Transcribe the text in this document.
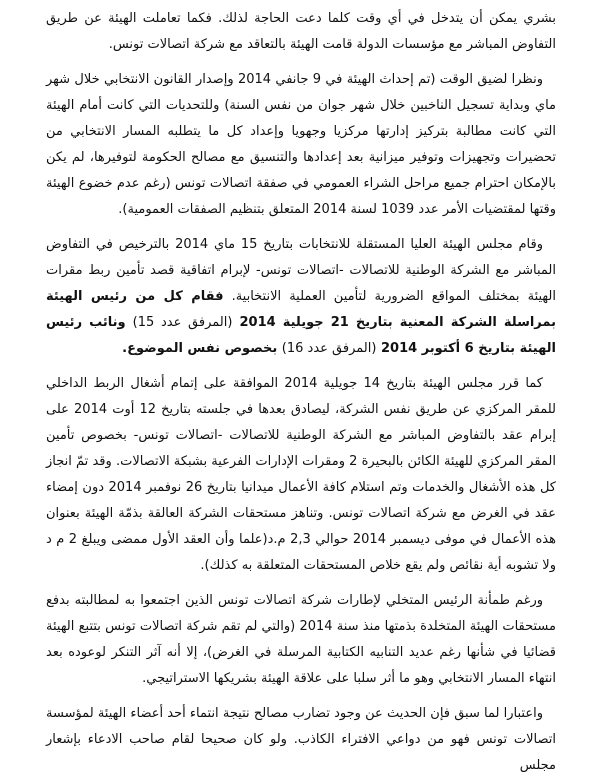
بشري يمكن أن يتدخل في أي وقت كلما دعت الحاجة لذلك. فكما تعاملت الهيئة عن طريق التفاوض المباشر مع مؤسسات الدولة قامت الهيئة بالتعاقد مع شركة اتصالات تونس.

ونظرا لضيق الوقت (تم إحداث الهيئة في 9 جانفي 2014 وإصدار القانون الانتخابي خلال شهر ماي وبداية تسجيل الناخبين خلال شهر جوان من نفس السنة) وللتحديات التي كانت أمام الهيئة التي كانت مطالبة بتركيز إدارتها مركزيا وجهويا وإعداد كل ما يتطلبه المسار الانتخابي من تحضيرات وتجهيزات وتوفير ميزانية بعد إعدادها والتنسيق مع مصالح الحكومة لتوفيرها، لم يكن بالإمكان احترام جميع مراحل الشراء العمومي في صفقة اتصالات تونس (رغم عدم خضوع الهيئة وقتها لمقتضيات الأمر عدد 1039 لسنة 2014 المتعلق بتنظيم الصفقات العمومية).

وقام مجلس الهيئة العليا المستقلة للانتخابات بتاريخ 15 ماي 2014 بالترخيص في التفاوض المباشر مع الشركة الوطنية للاتصالات -اتصالات تونس- لإبرام اتفاقية قصد تأمين ربط مقرات الهيئة بمختلف المواقع الضرورية لتأمين العملية الانتخابية. فقام كل من رئيس الهيئة بمراسلة الشركة المعنية بتاريخ 21 جويلية 2014 (المرفق عدد 15) ونائب رئيس الهيئة بتاريخ 6 أكتوبر 2014 (المرفق عدد 16) بخصوص نفس الموضوع.

كما قرر مجلس الهيئة بتاريخ 14 جويلية 2014 الموافقة على إتمام أشغال الربط الداخلي للمقر المركزي عن طريق نفس الشركة، ليصادق بعدها في جلسته بتاريخ 12 أوت 2014 على إبرام عقد بالتفاوض المباشر مع الشركة الوطنية للاتصالات -اتصالات تونس- بخصوص تأمين المقر المركزي للهيئة الكائن بالبحيرة 2 ومقرات الإدارات الفرعية بشبكة الاتصالات. وقد تمّ انجاز كل هذه الأشغال والخدمات وتم استلام كافة الأعمال ميدانيا بتاريخ 26 نوفمبر 2014 دون إمضاء عقد في الغرض مع شركة اتصالات تونس. وتناهز مستحقات الشركة العالقة بذمّة الهيئة بعنوان هذه الأعمال في موفى ديسمبر 2014 حوالي 2,3 م.د(علما وأن العقد الأول ممضى ويبلغ 2 م د ولا تشوبه أية نقائص ولم يقع خلاص المستحقات المتعلقة به كذلك).

ورغم طمأنة الرئيس المتخلي لإطارات شركة اتصالات تونس الذين اجتمعوا به لمطالبته بدفع مستحقات الهيئة المتخلدة بذمتها منذ سنة 2014 (والتي لم تقم شركة اتصالات تونس بتتبع الهيئة قضائيا في شأنها رغم عديد التنابيه الكتابية المرسلة في الغرض)، إلا أنه آثر التنكر لوعوده بعد انتهاء المسار الانتخابي وهو ما أثر سلبا على علاقة الهيئة بشريكها الاستراتيجي.

واعتبارا لما سبق فإن الحديث عن وجود تضارب مصالح نتيجة انتماء أحد أعضاء الهيئة لمؤسسة اتصالات تونس فهو من دواعي الافتراء الكاذب. ولو كان صحيحا لقام صاحب الادعاء بإشعار مجلس
